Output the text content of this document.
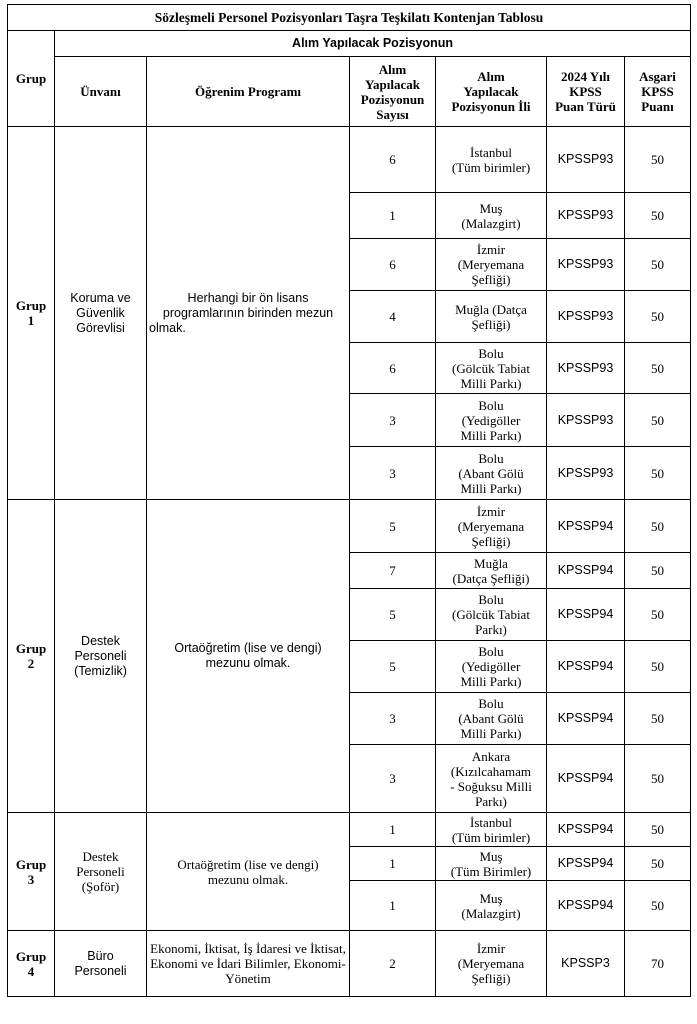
Sözleşmeli Personel Pozisyonları Taşra Teşkilatı Kontenjan Tablosu						
Grup	Alım Yapılacak Pozisyonun					
	Ünvanı	Öğrenim Programı	Alım
Yapılacak
Pozisyonun
Sayısı	Alım
Yapılacak
Pozisyonun İli	2024 Yılı
KPSS
Puan Türü	Asgari
KPSS
Puanı
Grup
1	Koruma ve
Güvenlik
Görevlisi	Herhangi bir ön lisans programlarının birinden mezun olmak.	6	İstanbul
(Tüm birimler)	KPSSP93	50
			1	Muş
(Malazgirt)	KPSSP93	50
			6	İzmir
(Meryemana
Şefliği)	KPSSP93	50
			4	Muğla (Datça
Şefliği)	KPSSP93	50
			6	Bolu
(Gölcük Tabiat
Milli Parkı)	KPSSP93	50
			3	Bolu
(Yedigöller
Milli Parkı)	KPSSP93	50
			3	Bolu
(Abant Gölü
Milli Parkı)	KPSSP93	50
Grup
2	Destek
Personeli
(Temizlik)	Ortaöğretim (lise ve dengi)
mezunu olmak.	5	İzmir
(Meryemana
Şefliği)	KPSSP94	50
			7	Muğla
(Datça Şefliği)	KPSSP94	50
			5	Bolu
(Gölcük Tabiat
Parkı)	KPSSP94	50
			5	Bolu
(Yedigöller
Milli Parkı)	KPSSP94	50
			3	Bolu
(Abant Gölü
Milli Parkı)	KPSSP94	50
			3	Ankara
(Kızılcahamam
- Soğuksu Milli
Parkı)	KPSSP94	50
Grup
3	Destek
Personeli
(Şoför)	Ortaöğretim (lise ve dengi)
mezunu olmak.	1	İstanbul
(Tüm birimler)	KPSSP94	50
			1	Muş
(Tüm Birimler)	KPSSP94	50
			1	Muş
(Malazgirt)	KPSSP94	50
Grup
4	Büro
Personeli	Ekonomi, İktisat, İş İdaresi ve İktisat, Ekonomi ve İdari Bilimler, Ekonomi-Yönetim	2	İzmir
(Meryemana
Şefliği)	KPSSP3	70
